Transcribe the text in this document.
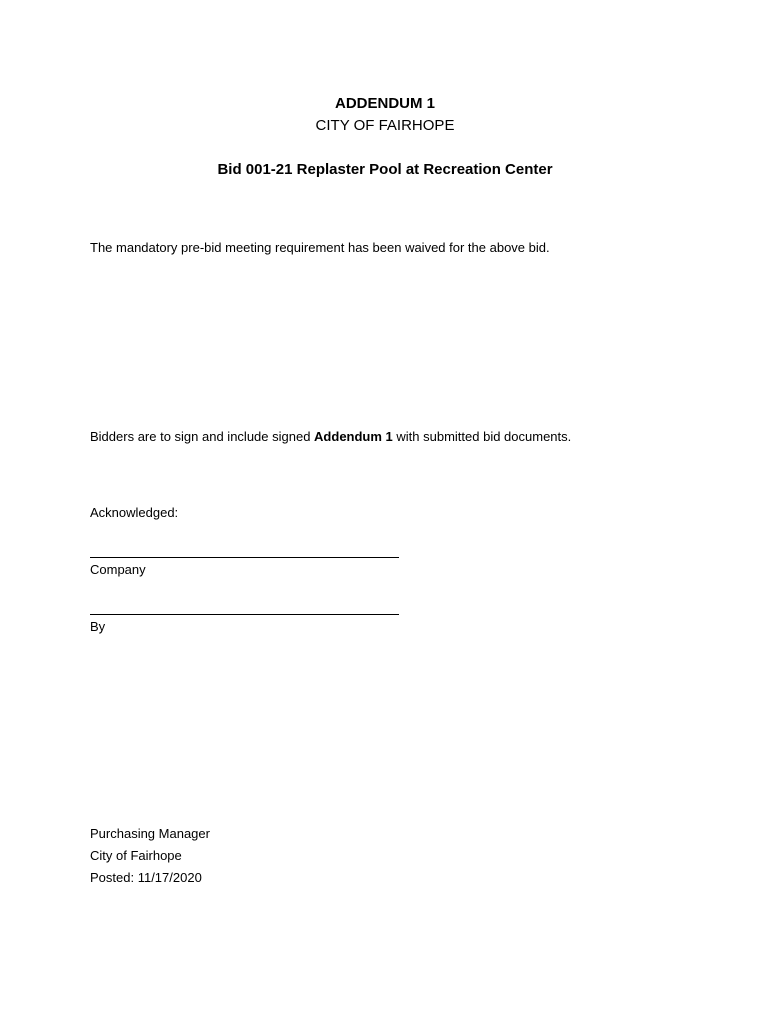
ADDENDUM 1
CITY OF FAIRHOPE
Bid 001-21 Replaster Pool at Recreation Center
The mandatory pre-bid meeting requirement has been waived for the above bid.
Bidders are to sign and include signed Addendum 1 with submitted bid documents.
Acknowledged:
Company
By
Purchasing Manager
City of Fairhope
Posted: 11/17/2020
